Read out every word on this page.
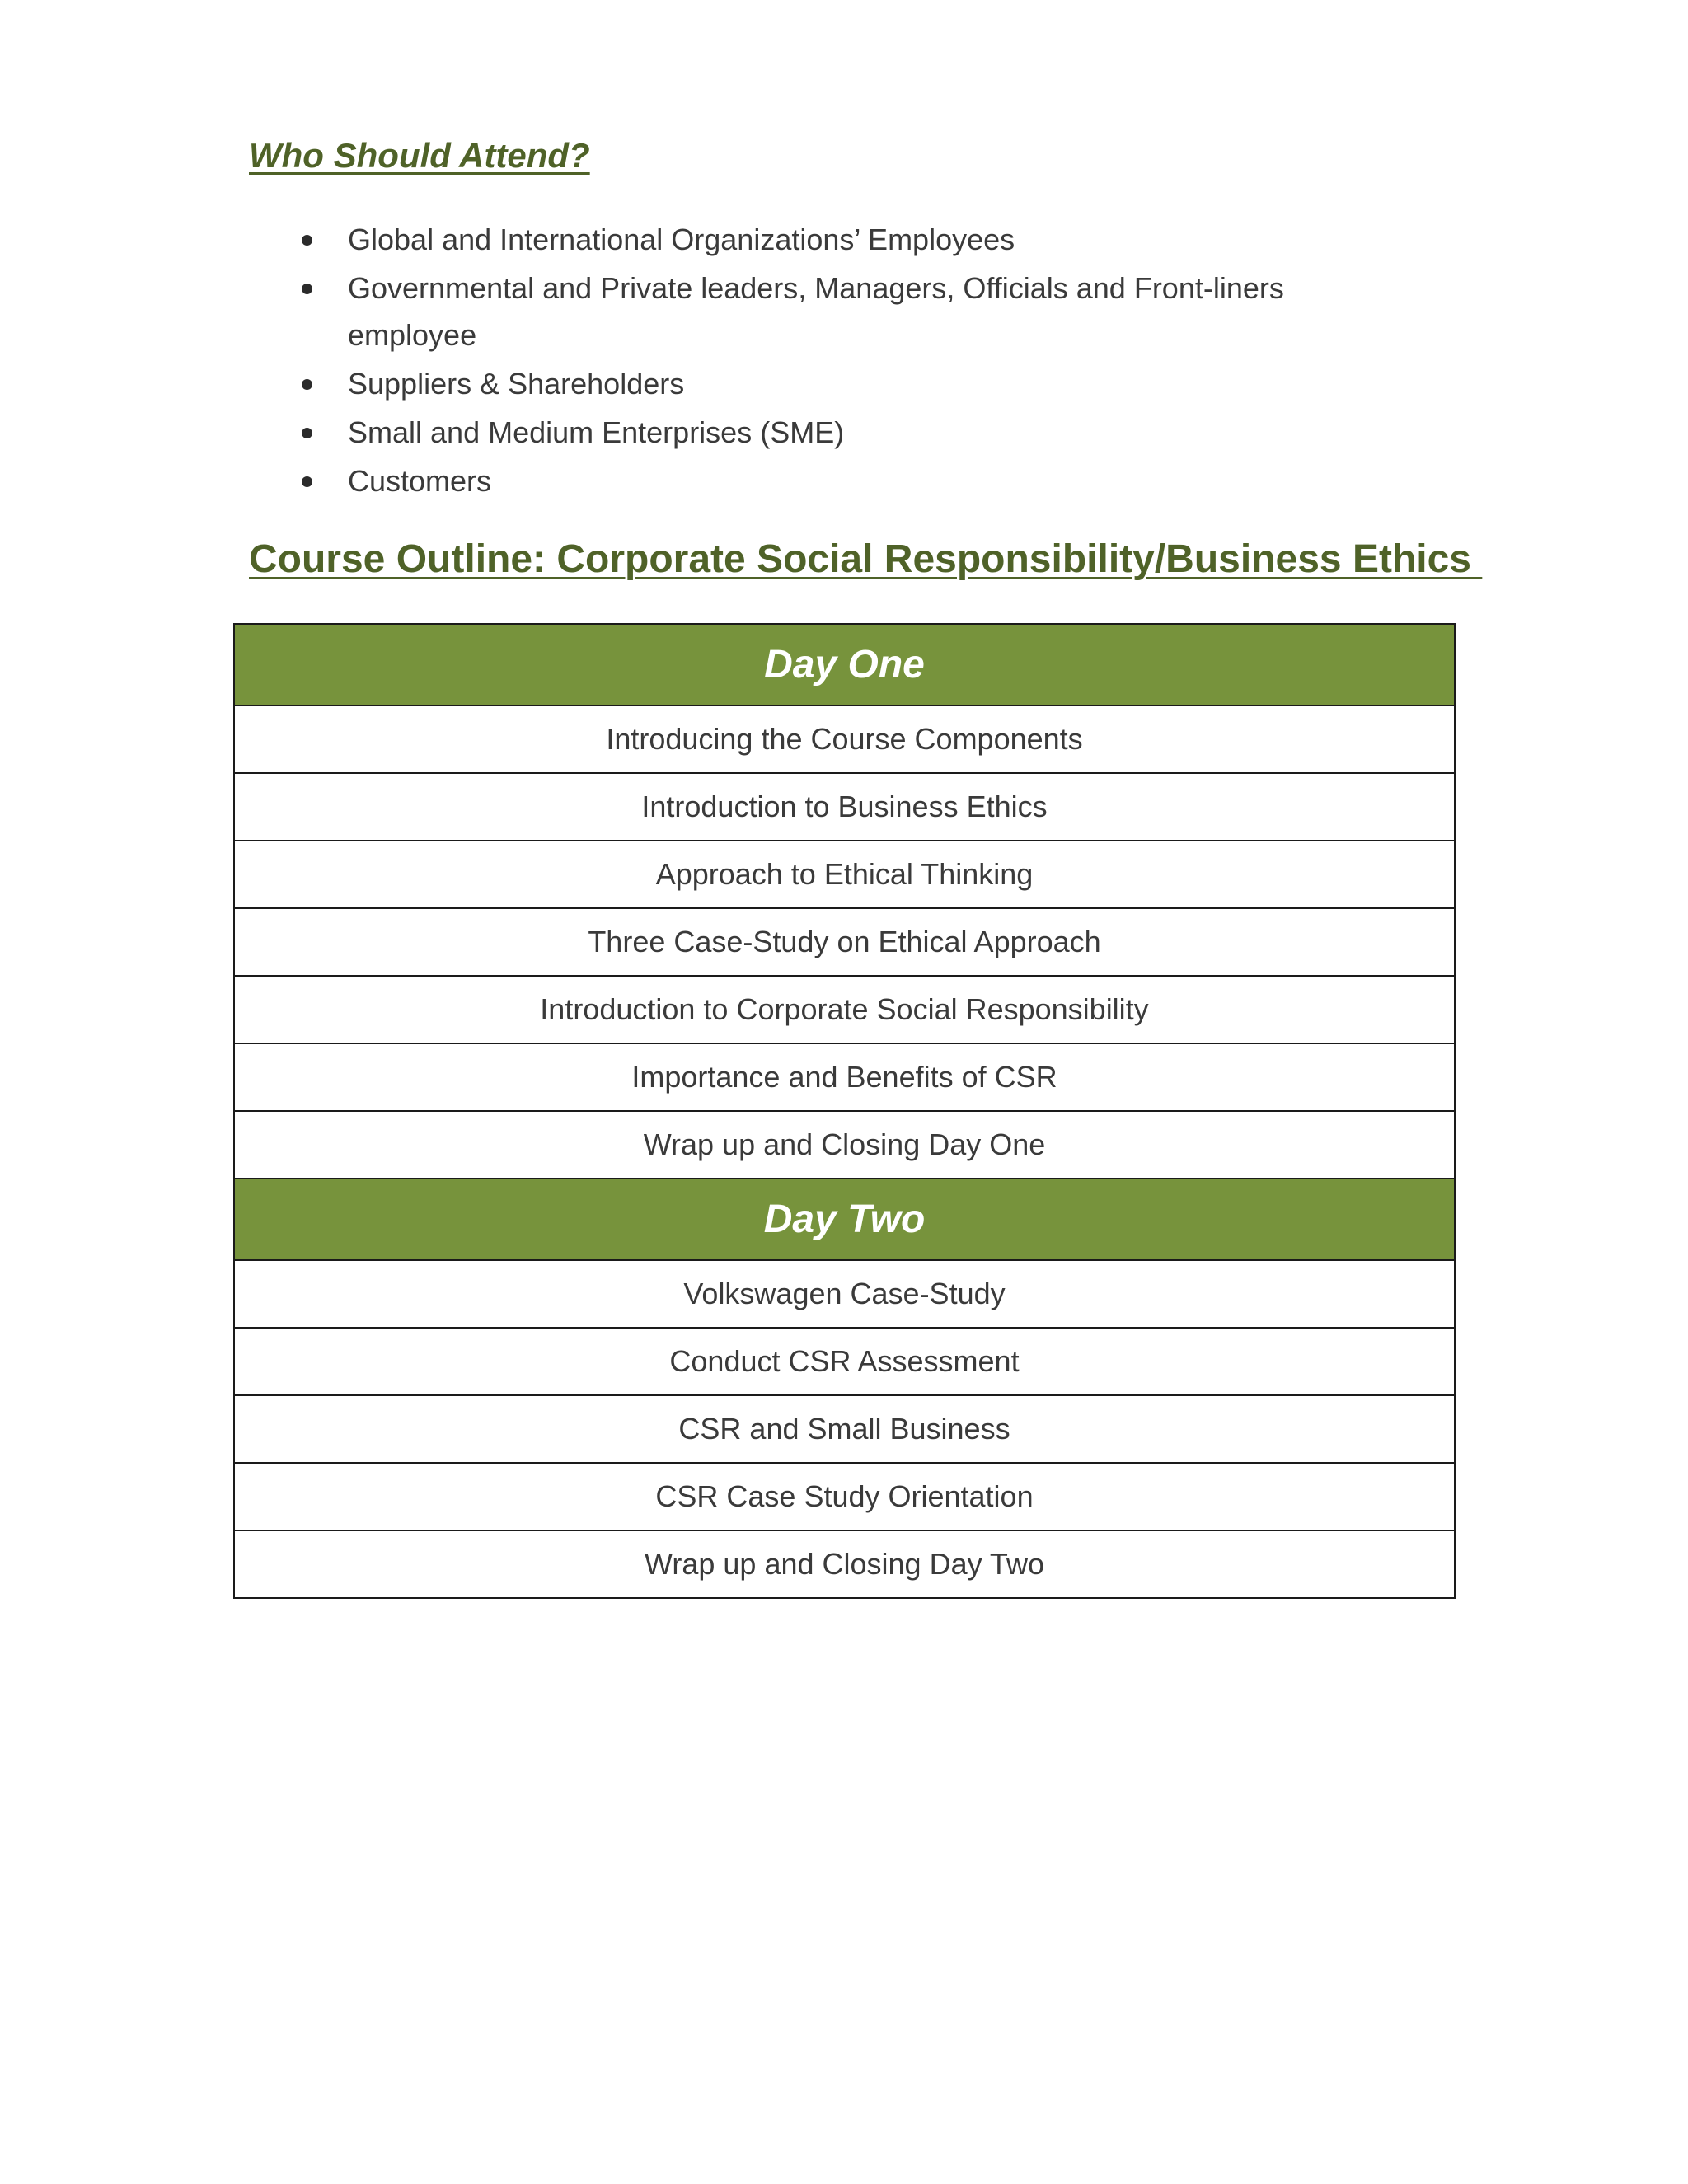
Who Should Attend?
Global and International Organizations’ Employees
Governmental and Private leaders, Managers, Officials and Front-liners employee
Suppliers & Shareholders
Small and Medium Enterprises (SME)
Customers
Course Outline: Corporate Social Responsibility/Business Ethics
Day One
Introducing the Course Components
Introduction to Business Ethics
Approach to Ethical Thinking
Three Case-Study on Ethical Approach
Introduction to Corporate Social Responsibility
Importance and Benefits of CSR
Wrap up and Closing Day One
Day Two
Volkswagen Case-Study
Conduct CSR Assessment
CSR and Small Business
CSR Case Study Orientation
Wrap up and Closing Day Two
